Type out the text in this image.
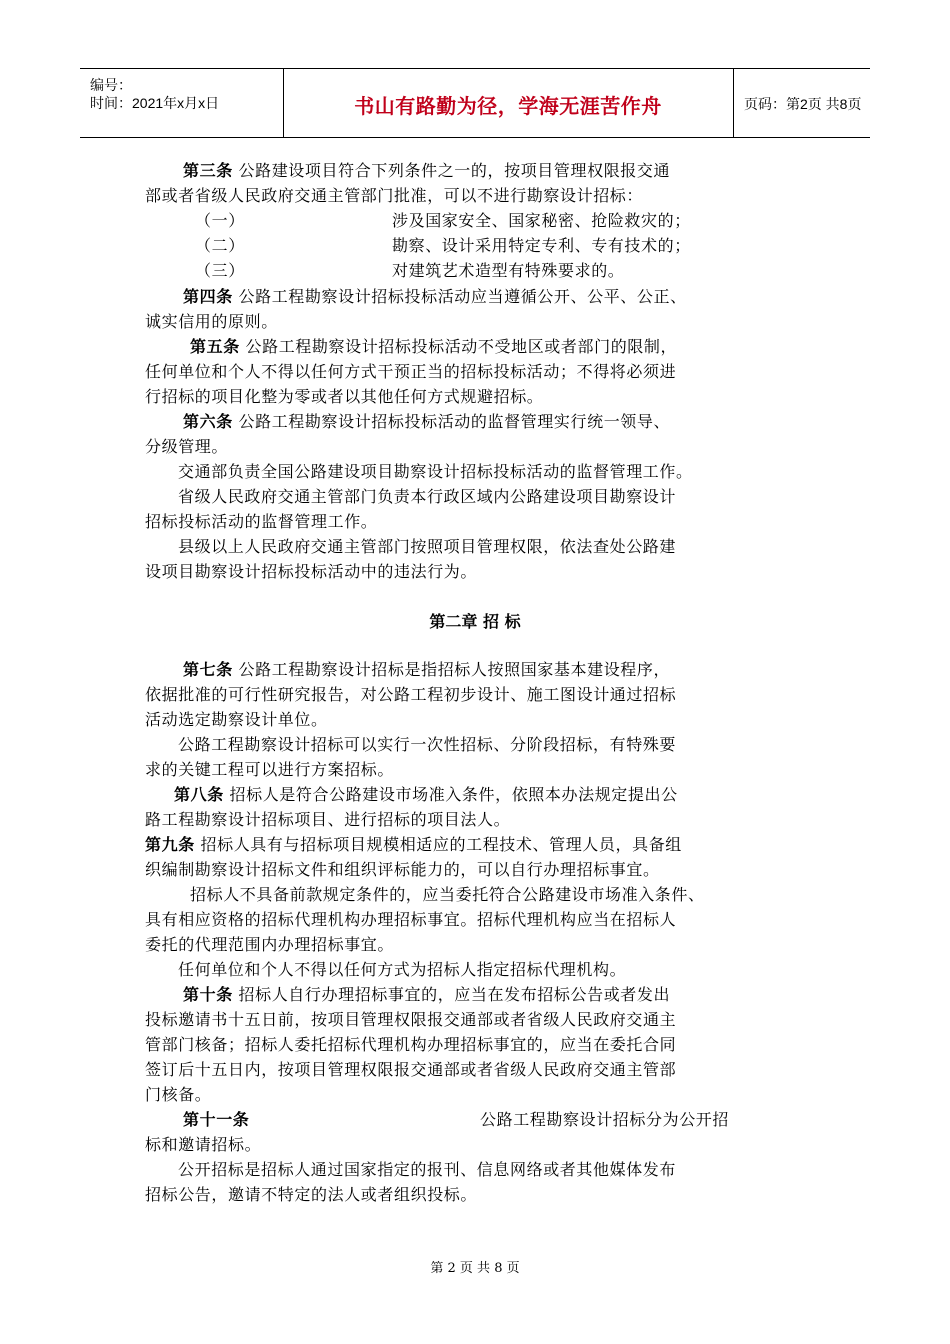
编号：
时间：2021年x月x日	书山有路勤为径，学海无涯苦作舟	页码：第2页 共8页
第三条 公路建设项目符合下列条件之一的，按项目管理权限报交通
部或者省级人民政府交通主管部门批准，可以不进行勘察设计招标：
（一）	涉及国家安全、国家秘密、抢险救灾的；
（二）	勘察、设计采用特定专利、专有技术的；
（三）	对建筑艺术造型有特殊要求的。
第四条 公路工程勘察设计招标投标活动应当遵循公开、公平、公正、
诚实信用的原则。
第五条 公路工程勘察设计招标投标活动不受地区或者部门的限制，
任何单位和个人不得以任何方式干预正当的招标投标活动；不得将必须进
行招标的项目化整为零或者以其他任何方式规避招标。
第六条 公路工程勘察设计招标投标活动的监督管理实行统一领导、
分级管理。
交通部负责全国公路建设项目勘察设计招标投标活动的监督管理工作。
省级人民政府交通主管部门负责本行政区域内公路建设项目勘察设计
招标投标活动的监督管理工作。
县级以上人民政府交通主管部门按照项目管理权限，依法查处公路建
设项目勘察设计招标投标活动中的违法行为。
第二章 招 标
第七条 公路工程勘察设计招标是指招标人按照国家基本建设程序，
依据批准的可行性研究报告，对公路工程初步设计、施工图设计通过招标
活动选定勘察设计单位。
公路工程勘察设计招标可以实行一次性招标、分阶段招标，有特殊要
求的关键工程可以进行方案招标。
第八条 招标人是符合公路建设市场准入条件，依照本办法规定提出公
路工程勘察设计招标项目、进行招标的项目法人。
第九条 招标人具有与招标项目规模相适应的工程技术、管理人员，具备组
织编制勘察设计招标文件和组织评标能力的，可以自行办理招标事宜。
招标人不具备前款规定条件的，应当委托符合公路建设市场准入条件、
具有相应资格的招标代理机构办理招标事宜。招标代理机构应当在招标人
委托的代理范围内办理招标事宜。
任何单位和个人不得以任何方式为招标人指定招标代理机构。
第十条 招标人自行办理招标事宜的，应当在发布招标公告或者发出
投标邀请书十五日前，按项目管理权限报交通部或者省级人民政府交通主
管部门核备；招标人委托招标代理机构办理招标事宜的，应当在委托合同
签订后十五日内，按项目管理权限报交通部或者省级人民政府交通主管部
门核备。
第十一条	公路工程勘察设计招标分为公开招
标和邀请招标。
公开招标是招标人通过国家指定的报刊、信息网络或者其他媒体发布
招标公告，邀请不特定的法人或者组织投标。
第 2 页 共 8 页
